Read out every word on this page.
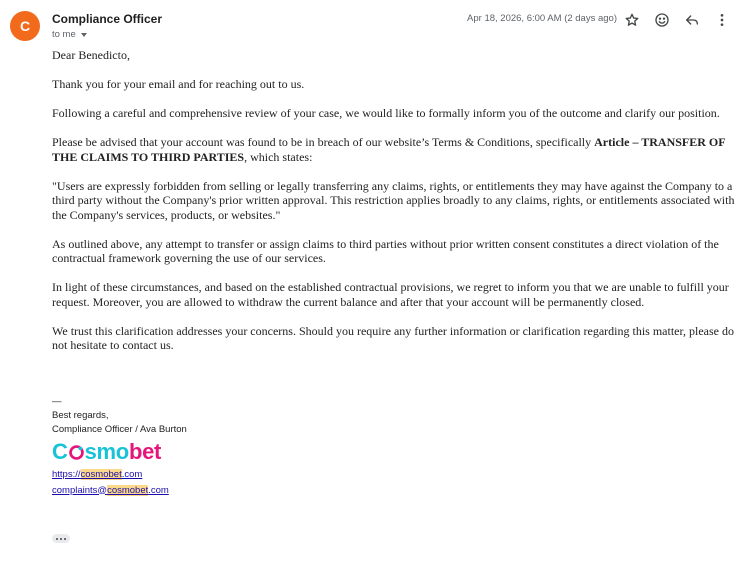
C	Compliance Officer
to me
Apr 18, 2026, 6:00 AM (2 days ago)

Dear Benedicto,

Thank you for your email and for reaching out to us.

Following a careful and comprehensive review of your case, we would like to formally inform you of the outcome and clarify our position.

Please be advised that your account was found to be in breach of our website’s Terms & Conditions, specifically Article – TRANSFER OF THE CLAIMS TO THIRD PARTIES, which states:

"Users are expressly forbidden from selling or legally transferring any claims, rights, or entitlements they may have against the Company to a third party without the Company's prior written approval. This restriction applies broadly to any claims, rights, or entitlements associated with the Company's services, products, or websites."

As outlined above, any attempt to transfer or assign claims to third parties without prior written consent constitutes a direct violation of the contractual framework governing the use of our services.

In light of these circumstances, and based on the established contractual provisions, we regret to inform you that we are unable to fulfill your request. Moreover, you are allowed to withdraw the current balance and after that your account will be permanently closed.

We trust this clarification addresses your concerns. Should you require any further information or clarification regarding this matter, please do not hesitate to contact us.

—
Best regards,
Compliance Officer / Ava Burton
C smobet
https://cosmobet.com
complaints@cosmobet.com
